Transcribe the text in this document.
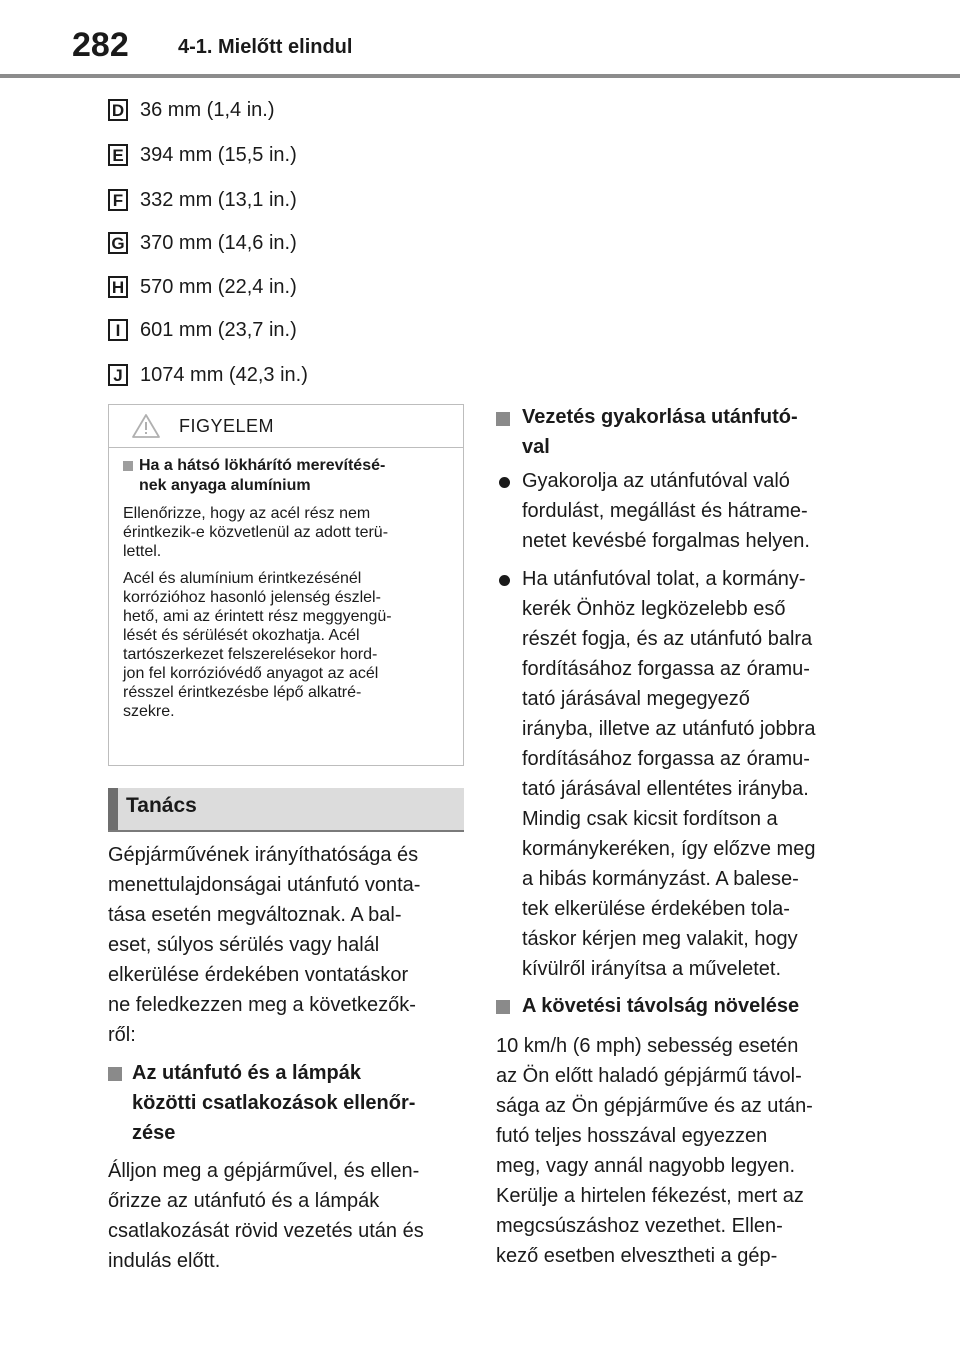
282 4-1. Mielőtt elindul
D 36 mm (1,4 in.)
E 394 mm (15,5 in.)
F 332 mm (13,1 in.)
G 370 mm (14,6 in.)
H 570 mm (22,4 in.)
I 601 mm (23,7 in.)
J 1074 mm (42,3 in.)
FIGYELEM
Ha a hátsó lökhárító merevítésé-
nek anyaga alumínium

Ellenőrizze, hogy az acél rész nem
érintkezik-e közvetlenül az adott terü-
lettel.

Acél és alumínium érintkezésénél
korrózióhoz hasonló jelenség észlel-
hető, ami az érintett rész meggyengü-
lését és sérülését okozhatja. Acél
tartószerkezet felszerelésekor hord-
jon fel korrózióvédő anyagot az acél
résszel érintkezésbe lépő alkatré-
szekre.

Tanács

Gépjárművének irányíthatósága és
menettulajdonságai utánfutó vonta-
tása esetén megváltoznak. A bal-
eset, súlyos sérülés vagy halál
elkerülése érdekében vontatáskor
ne feledkezzen meg a következők-
ről:

Az utánfutó és a lámpák
közötti csatlakozások ellenőr-
zése

Álljon meg a gépjárművel, és ellen-
őrizze az utánfutó és a lámpák
csatlakozását rövid vezetés után és
indulás előtt.

Vezetés gyakorlása utánfutó-
val

Gyakorolja az utánfutóval való
fordulást, megállást és hátrame-
netet kevésbé forgalmas helyen.

Ha utánfutóval tolat, a kormány-
kerék Önhöz legközelebb eső
részét fogja, és az utánfutó balra
fordításához forgassa az óramu-
tató járásával megegyező
irányba, illetve az utánfutó jobbra
fordításához forgassa az óramu-
tató járásával ellentétes irányba.
Mindig csak kicsit fordítson a
kormánykeréken, így előzve meg
a hibás kormányzást. A balese-
tek elkerülése érdekében tola-
táskor kérjen meg valakit, hogy
kívülről irányítsa a műveletet.

A követési távolság növelése

10 km/h (6 mph) sebesség esetén
az Ön előtt haladó gépjármű távol-
sága az Ön gépjárműve és az után-
futó teljes hosszával egyezzen
meg, vagy annál nagyobb legyen.
Kerülje a hirtelen fékezést, mert az
megcsúszáshoz vezethet. Ellen-
kező esetben elvesztheti a gép-
